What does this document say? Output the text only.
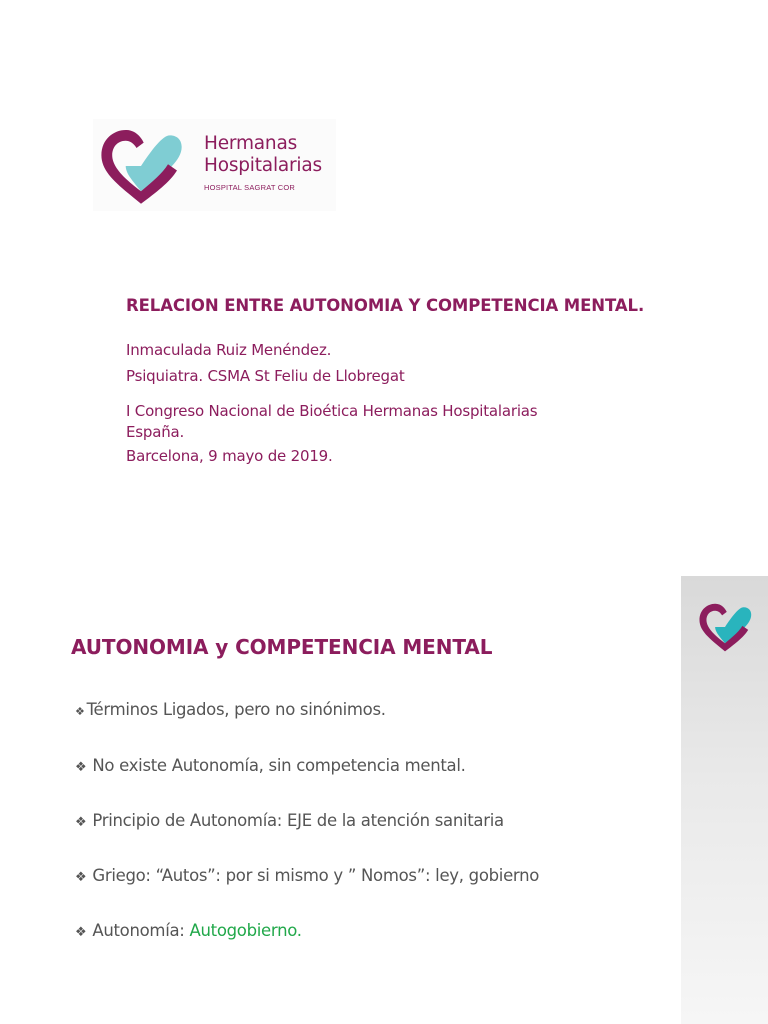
Hermanas
Hospitalarias
HOSPITAL SAGRAT COR
RELACION ENTRE AUTONOMIA Y COMPETENCIA MENTAL.
Inmaculada Ruiz Menéndez.
Psiquiatra. CSMA St Feliu de Llobregat
I Congreso Nacional de Bioética Hermanas Hospitalarias
España.
Barcelona, 9 mayo de 2019.
AUTONOMIA y COMPETENCIA MENTAL
❖ Términos Ligados, pero no sinónimos.
❖ No existe Autonomía, sin competencia mental.
❖ Principio de Autonomía: EJE de la atención sanitaria
❖ Griego: “Autos”: por si mismo y ” Nomos”: ley, gobierno
❖ Autonomía: Autogobierno.
